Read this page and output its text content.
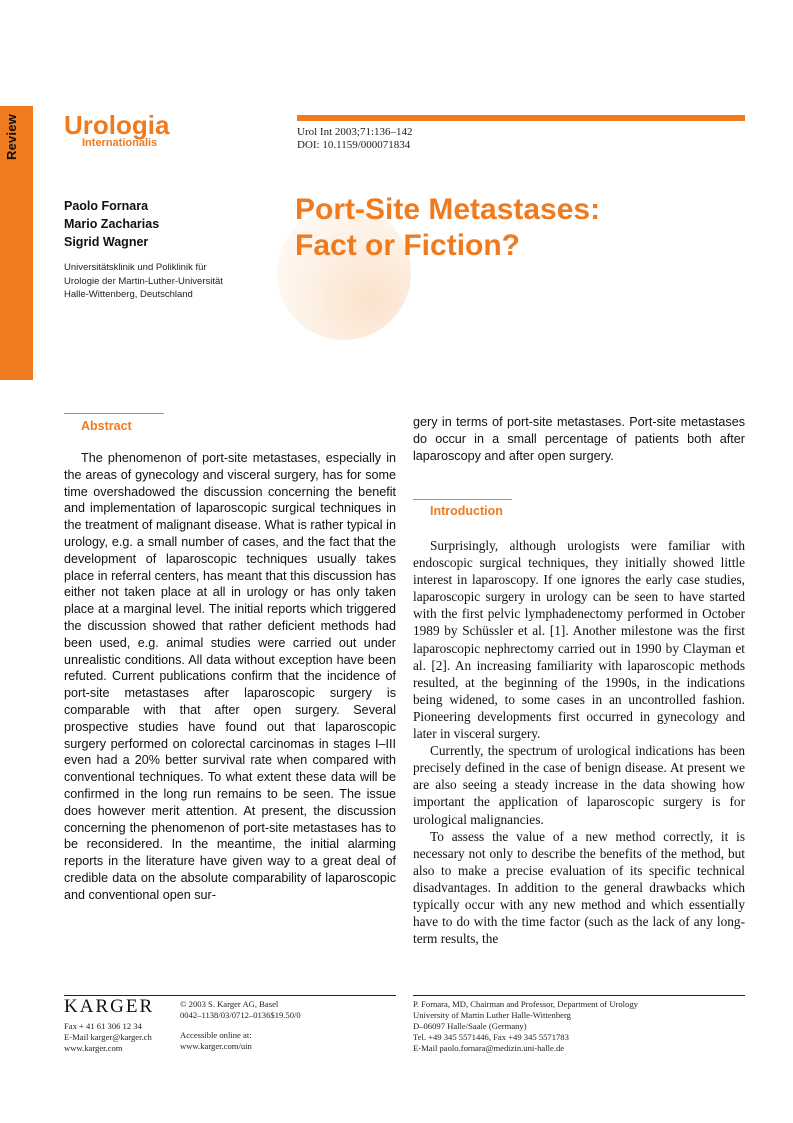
Review Urologia
Internationalis
Urol Int 2003;71:136–142
DOI: 10.1159/000071834
Paolo Fornara
Mario Zacharias
Sigrid Wagner
Universitätsklinik und Poliklinik für
Urologie der Martin-Luther-Universität
Halle-Wittenberg, Deutschland
Port-Site Metastases:
Fact or Fiction?
Abstract

The phenomenon of port-site metastases, especially in the areas of gynecology and visceral surgery, has for some time overshadowed the discussion concerning the benefit and implementation of laparoscopic surgical techniques in the treatment of malignant disease. What is rather typical in urology, e.g. a small number of cases, and the fact that the development of laparoscopic techniques usually takes place in referral centers, has meant that this discussion has either not taken place at all in urology or has only taken place at a marginal level. The initial reports which triggered the discussion showed that rather deficient methods had been used, e.g. animal studies were carried out under unrealistic conditions. All data without exception have been refuted. Current publications confirm that the incidence of port-site metastases after laparoscopic surgery is comparable with that after open surgery. Several prospective studies have found out that laparoscopic surgery performed on colorectal carcinomas in stages I–III even had a 20% better survival rate when compared with conventional techniques. To what extent these data will be confirmed in the long run remains to be seen. The issue does however merit attention. At present, the discussion concerning the phenomenon of port-site metastases has to be reconsidered. In the meantime, the initial alarming reports in the literature have given way to a great deal of credible data on the absolute comparability of laparoscopic and conventional open sur-

gery in terms of port-site metastases. Port-site metastases do occur in a small percentage of patients both after laparoscopy and after open surgery.

Introduction

Surprisingly, although urologists were familiar with endoscopic surgical techniques, they initially showed little interest in laparoscopy. If one ignores the early case studies, laparoscopic surgery in urology can be seen to have started with the first pelvic lymphadenectomy performed in October 1989 by Schüssler et al. [1]. Another milestone was the first laparoscopic nephrectomy carried out in 1990 by Clayman et al. [2]. An increasing familiarity with laparoscopic methods resulted, at the beginning of the 1990s, in the indications being widened, to some cases in an uncontrolled fashion. Pioneering developments first occurred in gynecology and later in visceral surgery.

Currently, the spectrum of urological indications has been precisely defined in the case of benign disease. At present we are also seeing a steady increase in the data showing how important the application of laparoscopic surgery is for urological malignancies.

To assess the value of a new method correctly, it is necessary not only to describe the benefits of the method, but also to make a precise evaluation of its specific technical disadvantages. In addition to the general drawbacks which typically occur with any new method and which essentially have to do with the time factor (such as the lack of any long-term results, the

KARGER
Fax + 41 61 306 12 34
E-Mail karger@karger.ch
www.karger.com
© 2003 S. Karger AG, Basel
0042–1138/03/0712–0136$19.50/0
Accessible online at:
www.karger.com/uin
P. Fornara, MD, Chairman and Professor, Department of Urology
University of Martin Luther Halle-Wittenberg
D–06097 Halle/Saale (Germany)
Tel. +49 345 5571446, Fax +49 345 5571783
E-Mail paolo.fornara@medizin.uni-halle.de
